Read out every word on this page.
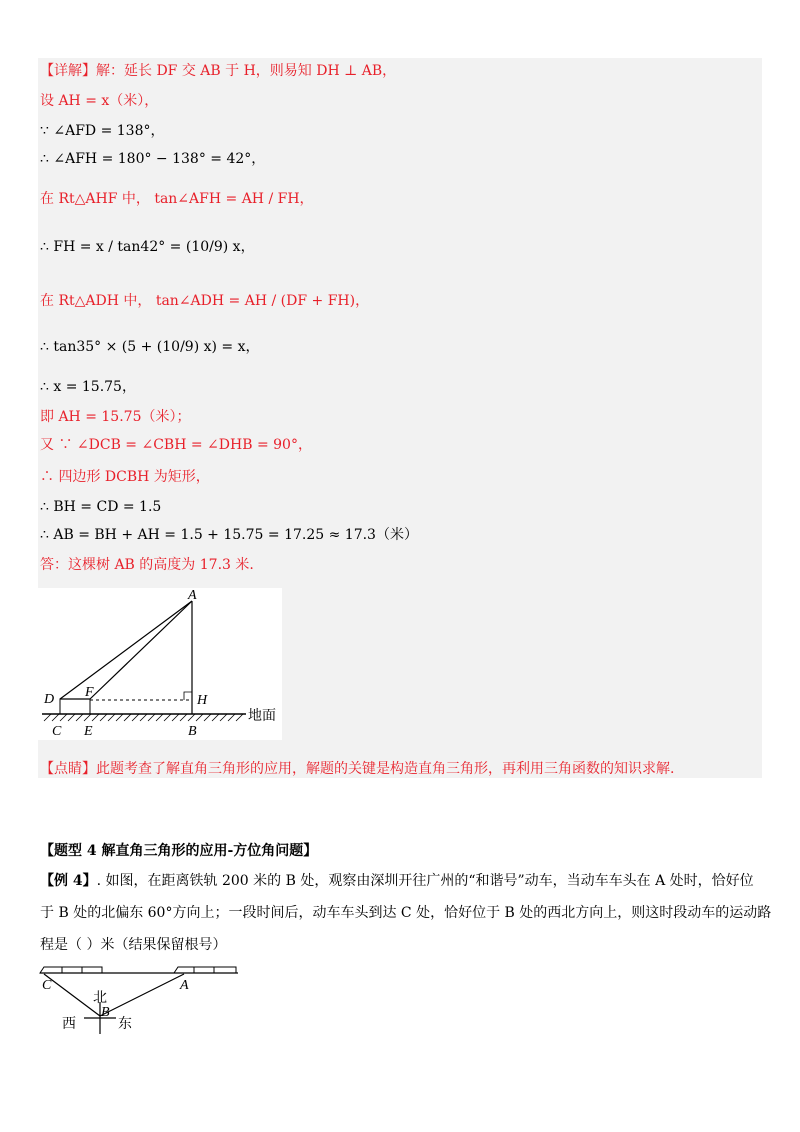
【详解】解：延长 DF 交 AB 于 H，则易知 DH ⊥ AB，
设 AH = x（米），
∵ ∠AFD = 138°，
∴ ∠AFH = 180° − 138° = 42°，
在 Rt△AHF 中， tan∠AFH = AH / FH，
∴ FH = x / tan42° = (10/9) x，
在 Rt△ADH 中， tan∠ADH = AH / (DF + FH)，
∴ tan35° × (5 + (10/9) x) = x，
∴ x = 15.75，
即 AH = 15.75（米）；
又 ∵ ∠DCB = ∠CBH = ∠DHB = 90°，
∴ 四边形 DCBH 为矩形，
∴ BH = CD = 1.5
∴ AB = BH + AH = 1.5 + 15.75 = 17.25 ≈ 17.3（米）
答：这棵树 AB 的高度为 17.3 米.
A
D F
H
C E	B
地面
【点睛】此题考查了解直角三角形的应用，解题的关键是构造直角三角形，再利用三角函数的知识求解.
【题型 4 解直角三角形的应用-方位角问题】
【例 4】. 如图，在距离铁轨 200 米的 B 处，观察由深圳开往广州的“和谐号”动车，当动车车头在 A 处时，恰好位
于 B 处的北偏东 60°方向上；一段时间后，动车车头到达 C 处，恰好位于 B 处的西北方向上，则这时段动车的运动路
程是（ ）米（结果保留根号）
C	A
B
北
西	东
